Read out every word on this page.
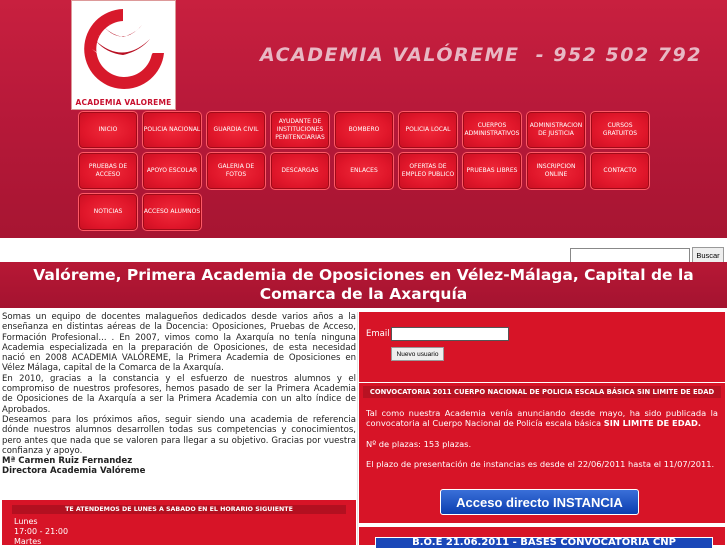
ACADEMIA VALOREME
ACADEMIA VALÓREME  - 952 502 792
INICIO	POLICIA NACIONAL	GUARDIA CIVIL
AYUDANTE DE INSTITUCIONES PENITENCIARIAS
BOMBERO	POLICIA LOCAL
CUERPOS ADMINISTRATIVOS
ADMINISTRACION DE JUSTICIA
CURSOS GRATUITOS
PRUEBAS DE ACCESO
APOYO ESCOLAR
GALERIA DE FOTOS
DESCARGAS	ENLACES
OFERTAS DE EMPLEO PUBLICO
PRUEBAS LIBRES
INSCRIPCION ONLINE
CONTACTO
NOTICIAS	ACCESO ALUMNOS
Buscar
Valóreme, Primera Academia de Oposiciones en Vélez-Málaga, Capital de la Comarca de la Axarquía

Somas un equipo de docentes malagueños dedicados desde varios años a la enseñanza en distintas aéreas de la Docencia: Oposiciones, Pruebas de Acceso, Formación Profesional... . En 2007, vimos como la Axarquía no tenía ninguna Academia especializada en la preparación de Oposiciones, de esta necesidad nació en 2008 ACADEMIA VALÓREME, la Primera Academia de Oposiciones en Vélez Málaga, capital de la Comarca de la Axarquía.

En 2010, gracias a la constancia y el esfuerzo de nuestros alumnos y el compromiso de nuestros profesores, hemos pasado de ser la Primera Academia de Oposiciones de la Axarquía a ser la Primera Academia con un alto índice de Aprobados.

Deseamos para los próximos años, seguir siendo una academia de referencia dónde nuestros alumnos desarrollen todas sus competencias y conocimientos, pero antes que nada que se valoren para llegar a su objetivo. Gracias por vuestra confianza y apoyo.

Mª Carmen Ruiz Fernandez

Directora Academia Valóreme

TE ATENDEMOS DE LUNES A SABADO EN EL HORARIO SIGUIENTE
Lunes
17:00 - 21:00
Martes
Email
Nuevo usuario
CONVOCATORIA 2011 CUERPO NACIONAL DE POLICIA ESCALA BÁSICA SIN LIMITE DE EDAD

Tal como nuestra Academia venía anunciando desde mayo, ha sido publicada la convocatoria al Cuerpo Nacional de Policía escala básica SIN LIMITE DE EDAD.

Nº de plazas: 153 plazas.

El plazo de presentación de instancias es desde el 22/06/2011 hasta el 11/07/2011.

Acceso directo INSTANCIA
B.O.E 21.06.2011 - BASES CONVOCATORIA CNP
